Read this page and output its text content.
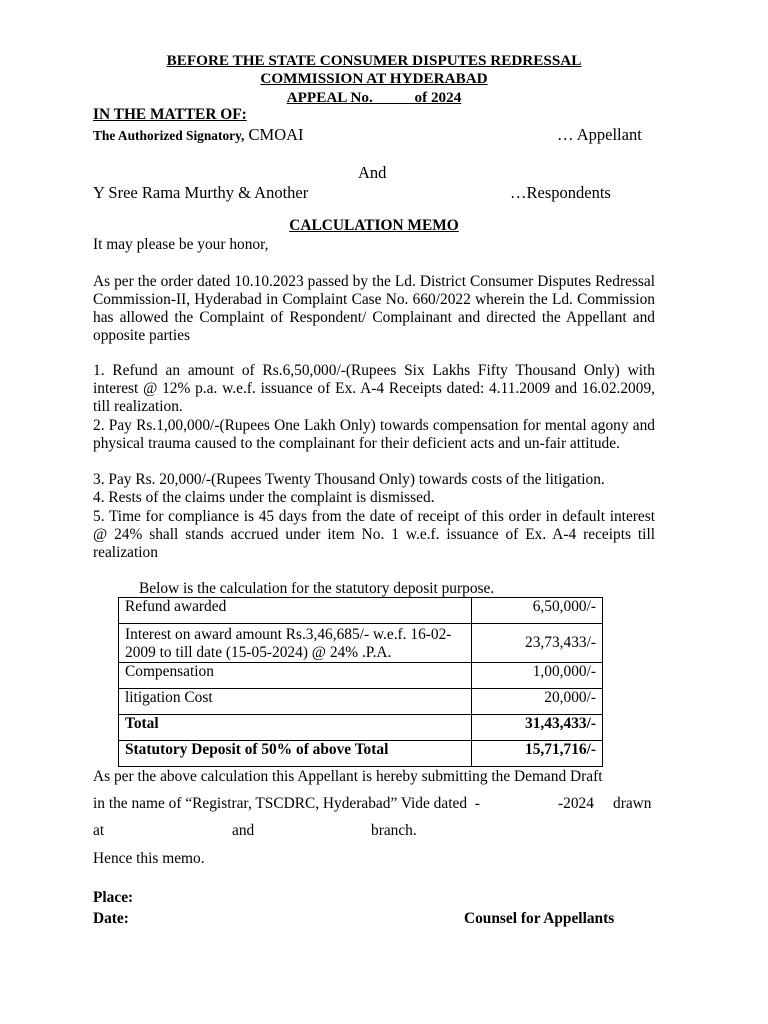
BEFORE THE STATE CONSUMER DISPUTES REDRESSAL
COMMISSION AT HYDERABAD
APPEAL No.           of 2024
IN THE MATTER OF:
The Authorized Signatory, CMOAI	… Appellant
And
Y Sree Rama Murthy & Another	…Respondents
CALCULATION MEMO
It may please be your honor,
As per the order dated 10.10.2023 passed by the Ld. District Consumer Disputes Redressal Commission-II, Hyderabad in Complaint Case No. 660/2022 wherein the Ld. Commission has allowed the Complaint of Respondent/ Complainant and directed the Appellant and opposite parties
1. Refund an amount of Rs.6,50,000/-(Rupees Six Lakhs Fifty Thousand Only) with interest @ 12% p.a. w.e.f. issuance of Ex. A-4 Receipts dated: 4.11.2009 and 16.02.2009, till realization.
2. Pay Rs.1,00,000/-(Rupees One Lakh Only) towards compensation for mental agony and physical trauma caused to the complainant for their deficient acts and un-fair attitude.
3. Pay Rs. 20,000/-(Rupees Twenty Thousand Only) towards costs of the litigation.
4. Rests of the claims under the complaint is dismissed.
5. Time for compliance is 45 days from the date of receipt of this order in default interest @ 24% shall stands accrued under item No. 1 w.e.f. issuance of Ex. A-4 receipts till realization
Below is the calculation for the statutory deposit purpose.
Refund awarded	6,50,000/-
Interest on award amount Rs.3,46,685/- w.e.f. 16-02-2009 to till date (15-05-2024) @ 24% .P.A.	23,73,433/-
Compensation	1,00,000/-
litigation Cost	20,000/-
Total	31,43,433/-
Statutory Deposit of 50% of above Total	15,71,716/-
As per the above calculation this Appellant is hereby submitting the Demand Draft
in the name of “Registrar, TSCDRC, Hyderabad” Vide dated  -	-2024 drawn
at	and	branch.
Hence this memo.
Place:
Date:	Counsel for Appellants
